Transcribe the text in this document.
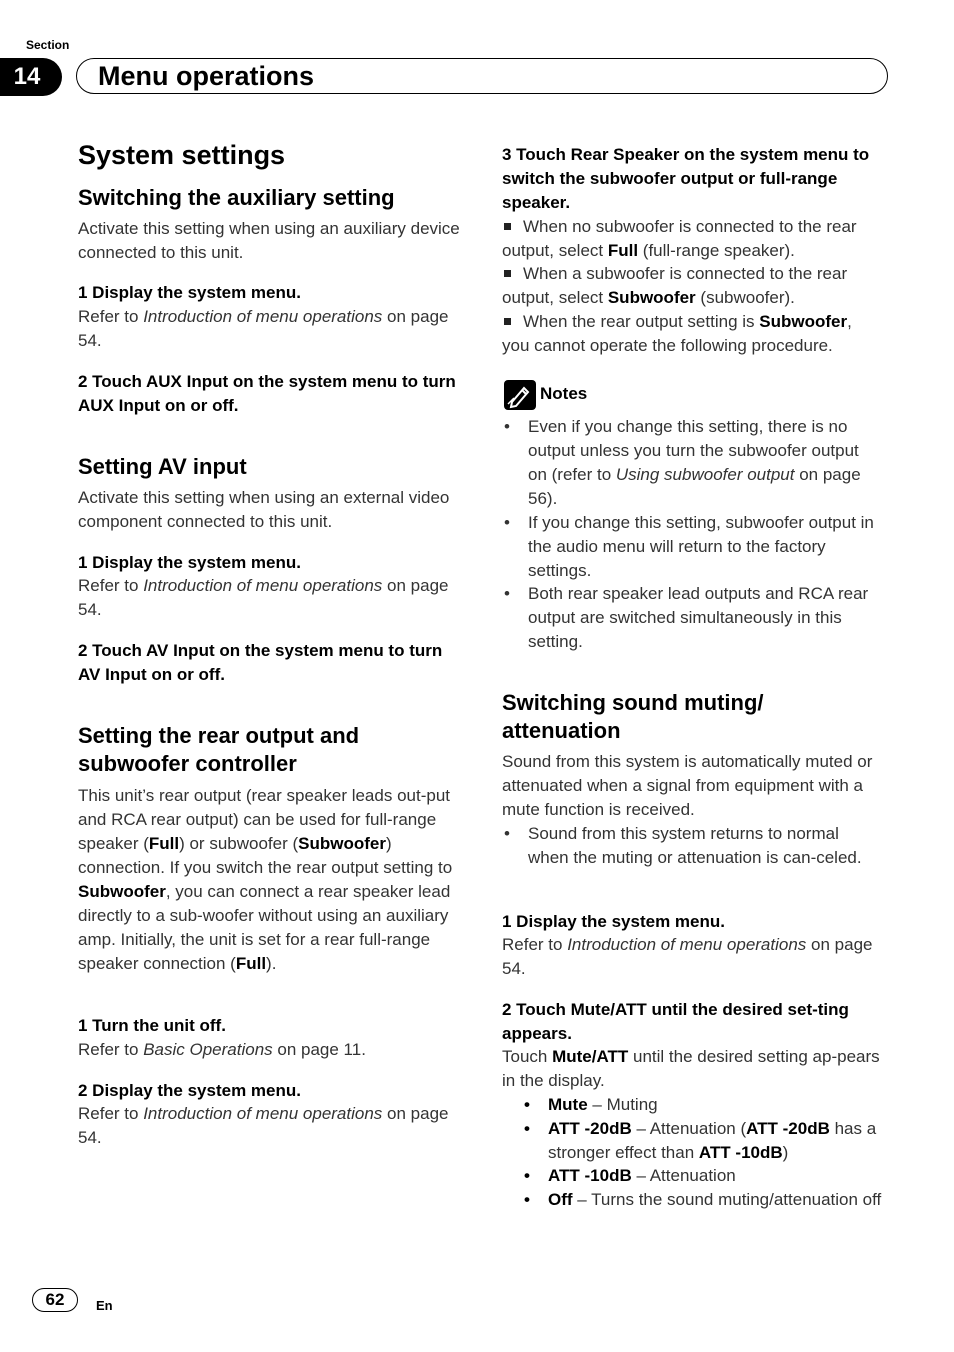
Section
14	Menu operations
System settings
Switching the auxiliary setting

Activate this setting when using an auxiliary device connected to this unit.

1 Display the system menu.

Refer to Introduction of menu operations on page 54.

2 Touch AUX Input on the system menu to turn AUX Input on or off.

Setting AV input

Activate this setting when using an external video component connected to this unit.

1 Display the system menu.

Refer to Introduction of menu operations on page 54.

2 Touch AV Input on the system menu to turn AV Input on or off.

Setting the rear output and subwoofer controller

This unit’s rear output (rear speaker leads out-put and RCA rear output) can be used for full-range speaker (Full) or subwoofer (Subwoofer) connection. If you switch the rear output setting to Subwoofer, you can connect a rear speaker lead directly to a sub-woofer without using an auxiliary amp. Initially, the unit is set for a rear full-range speaker connection (Full).

1 Turn the unit off.

Refer to Basic Operations on page 11.

2 Display the system menu.

Refer to Introduction of menu operations on page 54.

3 Touch Rear Speaker on the system menu to switch the subwoofer output or full-range speaker.

When no subwoofer is connected to the rear output, select Full (full-range speaker).
When a subwoofer is connected to the rear output, select Subwoofer (subwoofer).
When the rear output setting is Subwoofer, you cannot operate the following procedure.
Notes
• Even if you change this setting, there is no output unless you turn the subwoofer output on (refer to Using subwoofer output on page 56).
• If you change this setting, subwoofer output in the audio menu will return to the factory settings.
• Both rear speaker lead outputs and RCA rear output are switched simultaneously in this setting.
Switching sound muting/ attenuation

Sound from this system is automatically muted or attenuated when a signal from equipment with a mute function is received.

• Sound from this system returns to normal when the muting or attenuation is can-celed.

1 Display the system menu.

Refer to Introduction of menu operations on page 54.

2 Touch Mute/ATT until the desired set-ting appears.

Touch Mute/ATT until the desired setting ap-pears in the display.

• Mute – Muting
• ATT -20dB – Attenuation (ATT -20dB has a stronger effect than ATT -10dB)
• ATT -10dB – Attenuation
• Off – Turns the sound muting/attenuation off
62	En
